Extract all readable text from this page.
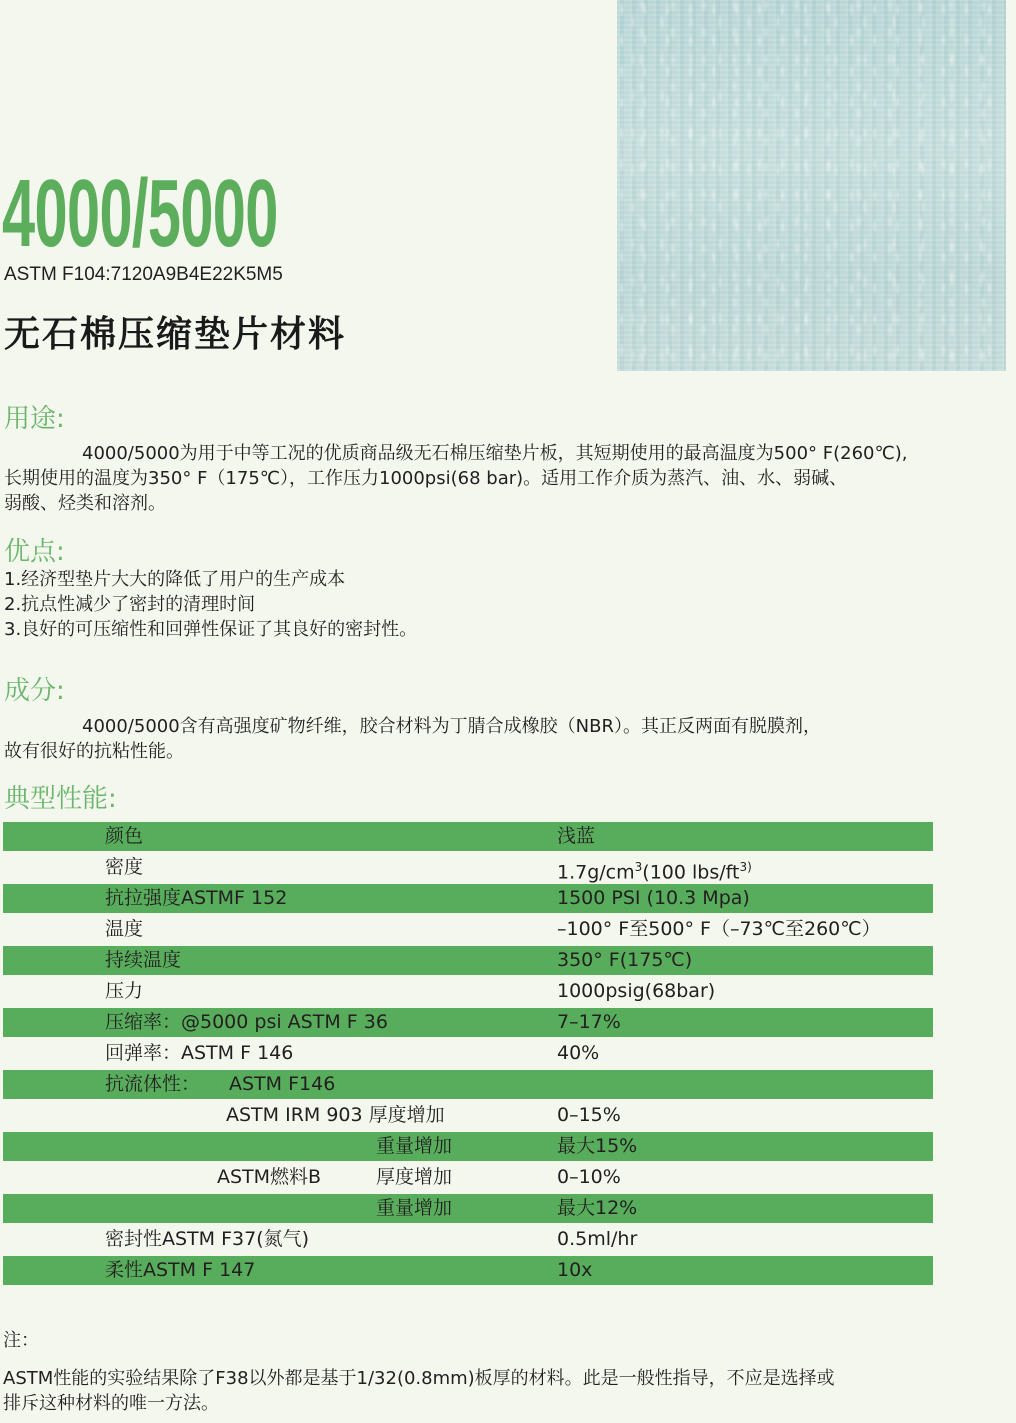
4000/5000
ASTM F104:7120A9B4E22K5M5
无石棉压缩垫片材料
用途:
4000/5000为用于中等工况的优质商品级无石棉压缩垫片板，其短期使用的最高温度为500° F(260℃),
长期使用的温度为350° F（175℃），工作压力1000psi(68 bar)。适用工作介质为蒸汽、油、水、弱碱、
弱酸、烃类和溶剂。
优点:
1.经济型垫片大大的降低了用户的生产成本
2.抗点性减少了密封的清理时间
3.良好的可压缩性和回弹性保证了其良好的密封性。
成分:
4000/5000含有高强度矿物纤维，胶合材料为丁腈合成橡胶（NBR）。其正反两面有脱膜剂，
故有很好的抗粘性能。
典型性能:
颜色	浅蓝
密度	$1.7g/cm^3(100$ lbs/$ft^{3)}$
抗拉强度ASTMF 152	1500 PSI (10.3 Mpa)
温度	–100° F至500° F（–73℃至260℃）
持续温度	350° F(175℃)
压力	1000psig(68bar)
压缩率：@5000 psi ASTM F 36	7–17%
回弹率：ASTM F 146	40%
抗流体性： ASTM F146
ASTM IRM 903 厚度增加	0–15%
重量增加	最大15%
ASTM燃料B	厚度增加	0–10%
重量增加	最大12%
密封性ASTM F37(氮气)	0.5ml/hr
柔性ASTM F 147	10x
注：
ASTM性能的实验结果除了F38以外都是基于1/32(0.8mm)板厚的材料。此是一般性指导，不应是选择或
排斥这种材料的唯一方法。
